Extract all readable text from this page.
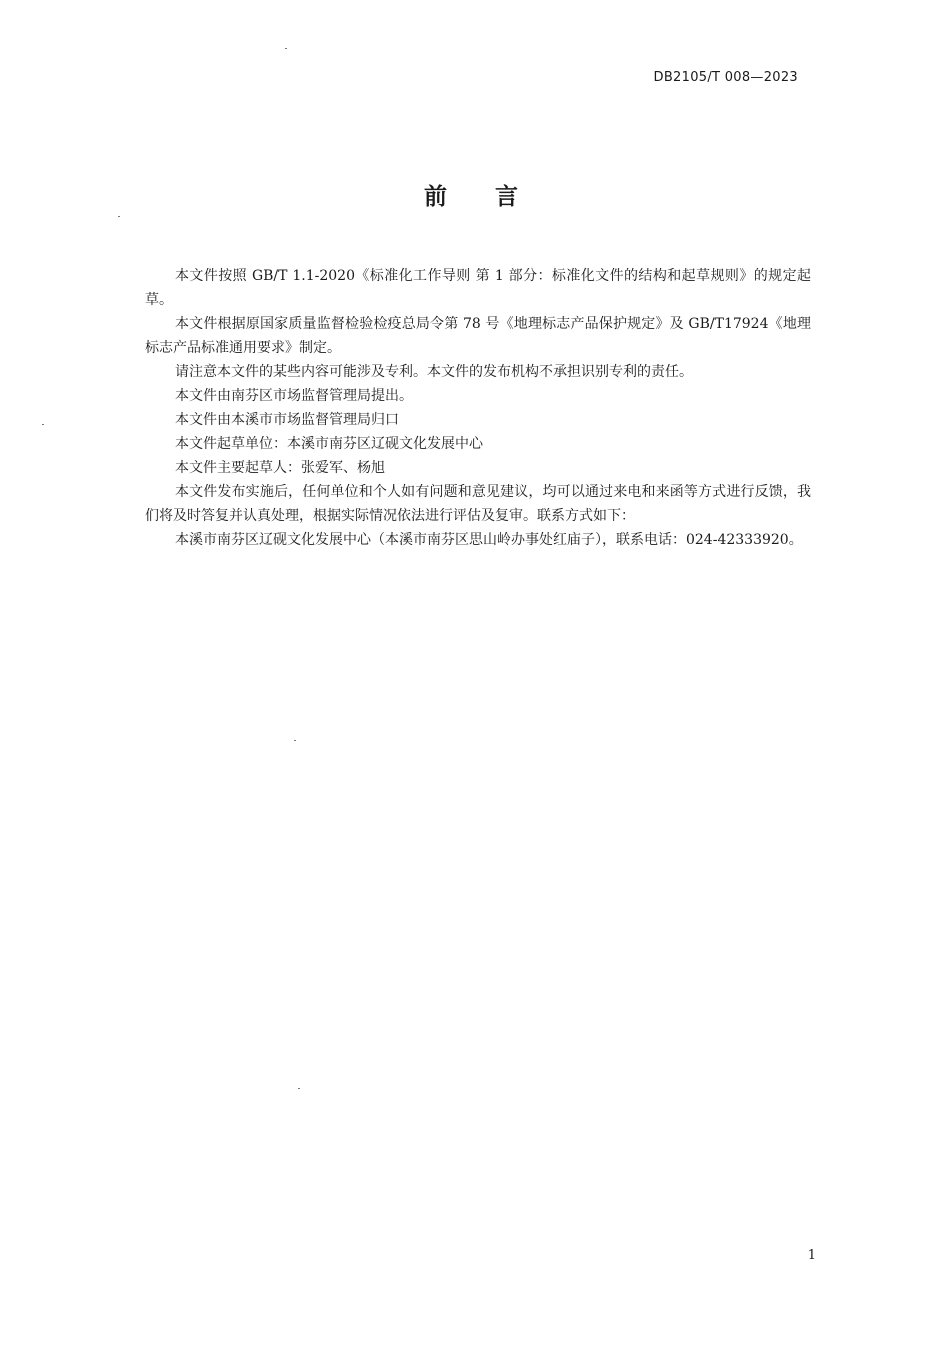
DB2105/T 008—2023
前言

本文件按照 GB/T 1.1-2020《标准化工作导则 第 1 部分：标准化文件的结构和起草规则》的规定起草。

本文件根据原国家质量监督检验检疫总局令第 78 号《地理标志产品保护规定》及 GB/T17924《地理标志产品标准通用要求》制定。

请注意本文件的某些内容可能涉及专利。本文件的发布机构不承担识别专利的责任。

本文件由南芬区市场监督管理局提出。

本文件由本溪市市场监督管理局归口

本文件起草单位：本溪市南芬区辽砚文化发展中心

本文件主要起草人：张爱军、杨旭

本文件发布实施后，任何单位和个人如有问题和意见建议，均可以通过来电和来函等方式进行反馈，我们将及时答复并认真处理，根据实际情况依法进行评估及复审。联系方式如下：

本溪市南芬区辽砚文化发展中心（本溪市南芬区思山岭办事处红庙子），联系电话：024-42333920。

1
